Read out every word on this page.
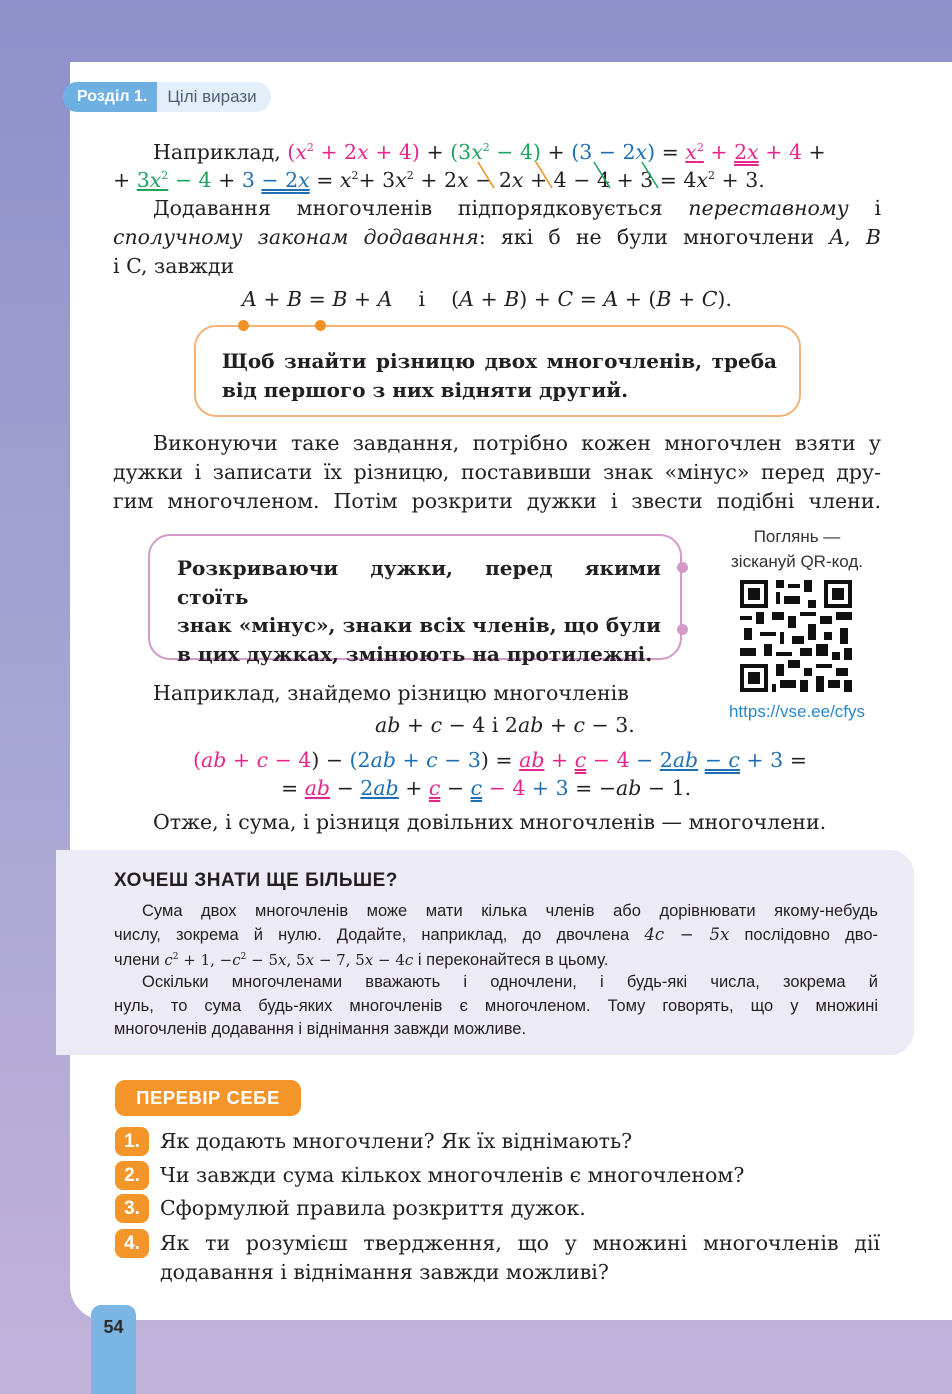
Розділ 1.	Цілі вирази
Наприклад, $(x^2 + 2x + 4) + (3x^2 - 4) + (3 - 2x) = x^2 + 2x + 4$ +
+ $3x^2 - 4 + 3 - 2x = x^2+ 3x^2 + 2x - 2x + 4 - 4 + 3 = 4x^2 + 3$.
Додавання многочленів підпорядковується переставному і
сполучному законам додавання: які б не були многочлени A, B
і C, завжди
A + B = B + A і    (A + B) + C = A + (B + C).
Щоб знайти різницю двох многочленів, треба
від першого з них відняти другий.
Виконуючи таке завдання, потрібно кожен многочлен взяти у
дужки і записати їх різницю, поставивши знак «мінус» перед дру-
гим многочленом. Потім розкрити дужки і звести подібні члени.
Розкриваючи дужки, перед якими стоїть
знак «мінус», знаки всіх членів, що були
в цих дужках, змінюють на протилежні.
Поглянь —
зіскануй QR-код.
https://vse.ee/cfys
Наприклад, знайдемо різницю многочленів
ab + c − 4 і 2ab + c − 3.
(ab + c − 4) − (2ab + c − 3) = ab + c − 4 − 2ab − c + 3 =
= ab − 2ab + c − c − 4 + 3 = −ab − 1.
Отже, і сума, і різниця довільних многочленів — многочлени.
ХОЧЕШ ЗНАТИ ЩЕ БІЛЬШЕ?
Сума двох многочленів може мати кілька членів або дорівнювати якому-небудь
числу, зокрема й нулю. Додайте, наприклад, до двочлена 4c − 5x послідовно дво-
члени $c^2 + 1$, $-c^2 - 5x$, 5x − 7, 5x − 4c і переконайтеся в цьому.
Оскільки многочленами вважають і одночлени, і будь-які числа, зокрема й
нуль, то сума будь-яких многочленів є многочленом. Тому говорять, що у множині
многочленів додавання і віднімання завжди можливе.
ПЕРЕВІР СЕБЕ
1. Як додають многочлени? Як їх віднімають?
2. Чи завжди сума кількох многочленів є многочленом?
3. Сформулюй правила розкриття дужок.
4. Як ти розумієш твердження, що у множині многочленів дії
додавання і віднімання завжди можливі?
54
